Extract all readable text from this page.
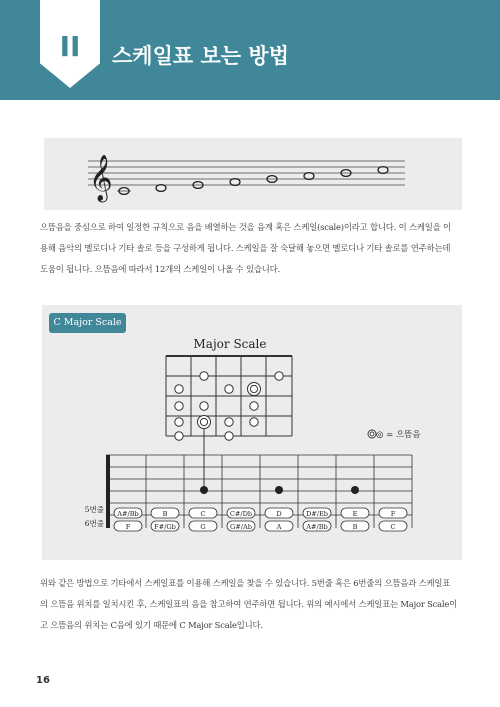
II	스케일표 보는 방법
𝄞
으뜸음을 중심으로 하여 일정한 규칙으로 음을 배열하는 것을 음계 혹은 스케일(scale)이라고 합니다. 이 스케일을 이
용해 음악의 멜로디나 기타 솔로 등을 구성하게 됩니다. 스케일을 잘 숙달해 놓으면 멜로디나 기타 솔로를 연주하는데
도움이 됩니다. 으뜸음에 따라서 12개의 스케일이 나올 수 있습니다.
C Major Scale
Major Scale
◎ = 으뜸음
5번줄
6번줄
A#/Bb	B	C	C#/Db	D	D#/Eb	E	F
F	F#/Gb	G	G#/Ab	A	A#/Bb	B	C
위와 같은 방법으로 기타에서 스케일표를 이용해 스케일을 찾을 수 있습니다. 5번줄 혹은 6번줄의 으뜸음과 스케일표
의 으뜸음 위치를 일치시킨 후, 스케일표의 음을 참고하여 연주하면 됩니다. 위의 예시에서 스케일표는 Major Scale이
고 으뜸음의 위치는 C음에 있기 때문에 C Major Scale입니다.
16
